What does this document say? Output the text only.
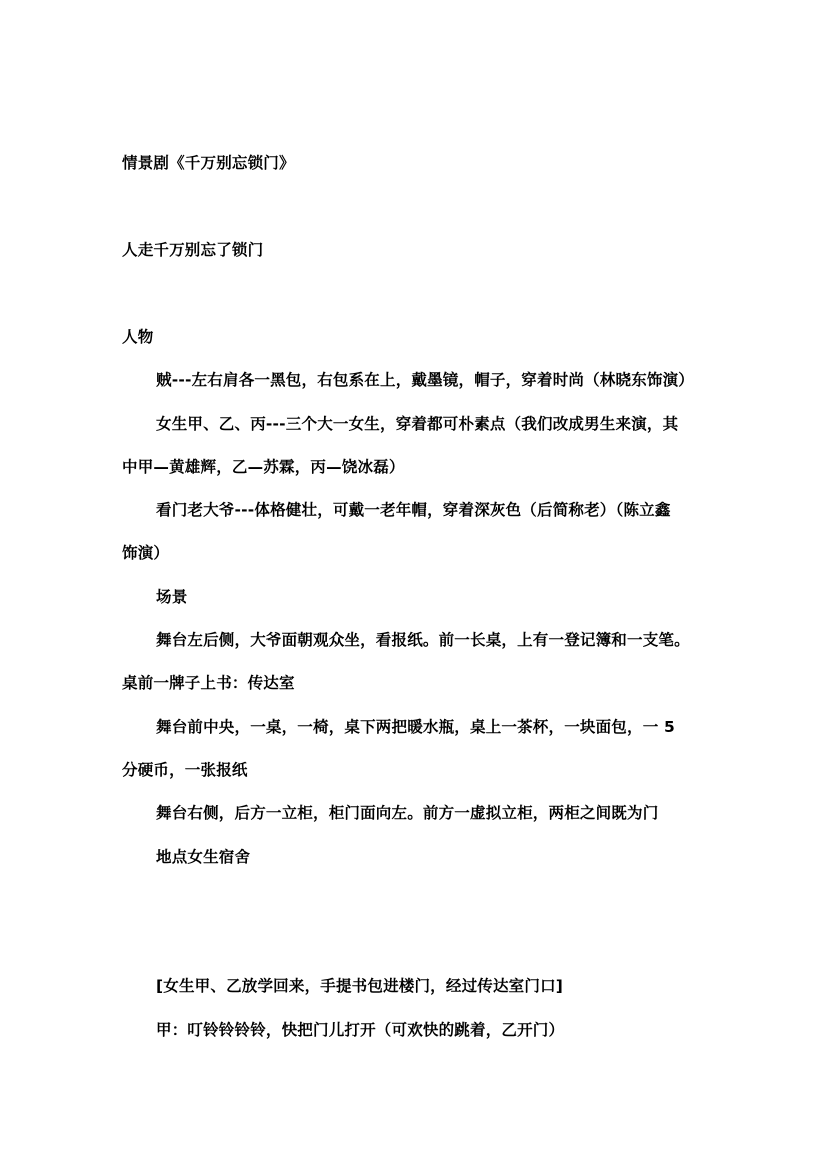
情景剧《千万别忘锁门》
人走千万别忘了锁门
人物
贼---左右肩各一黑包，右包系在上，戴墨镜，帽子，穿着时尚（林晓东饰演）
女生甲、乙、丙---三个大一女生，穿着都可朴素点（我们改成男生来演，其
中甲—黄雄辉，乙—苏霖，丙—饶冰磊）
看门老大爷---体格健壮，可戴一老年帽，穿着深灰色（后简称老）（陈立鑫
饰演）
场景
舞台左后侧，大爷面朝观众坐，看报纸。前一长桌，上有一登记簿和一支笔。
桌前一牌子上书：传达室
舞台前中央，一桌，一椅，桌下两把暖水瓶，桌上一茶杯，一块面包，一 5
分硬币，一张报纸
舞台右侧，后方一立柜，柜门面向左。前方一虚拟立柜，两柜之间既为门
地点女生宿舍
[女生甲、乙放学回来，手提书包进楼门，经过传达室门口]
甲：叮铃铃铃铃，快把门儿打开（可欢快的跳着，乙开门）
